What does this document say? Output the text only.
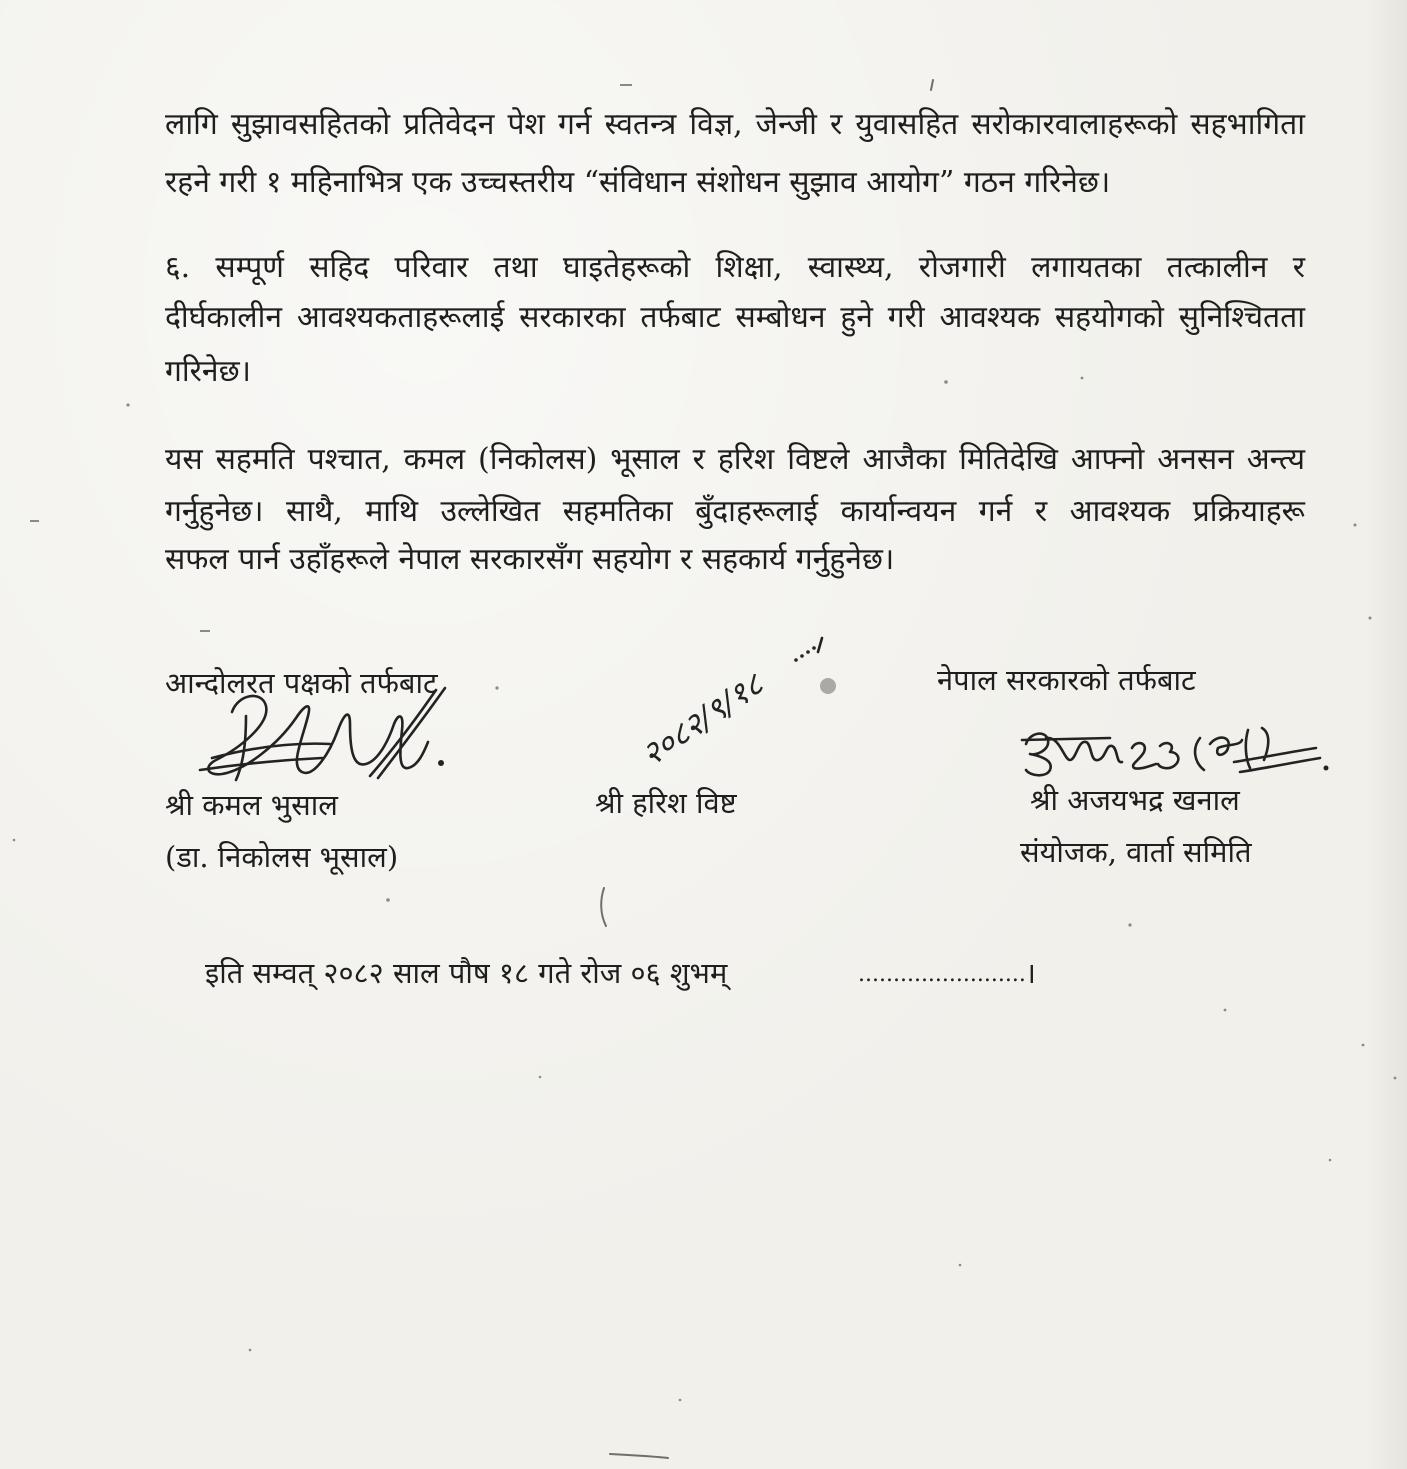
लागि सुझावसहितको प्रतिवेदन पेश गर्न स्वतन्त्र विज्ञ, जेन्जी र युवासहित सरोकारवालाहरूको सहभागिता
रहने गरी १ महिनाभित्र एक उच्चस्तरीय “संविधान संशोधन सुझाव आयोग” गठन गरिनेछ।
६. सम्पूर्ण सहिद परिवार तथा घाइतेहरूको शिक्षा, स्वास्थ्य, रोजगारी लगायतका तत्कालीन र
दीर्घकालीन आवश्यकताहरूलाई सरकारका तर्फबाट सम्बोधन हुने गरी आवश्यक सहयोगको सुनिश्चितता
गरिनेछ।
यस सहमति पश्चात, कमल (निकोलस) भूसाल र हरिश विष्टले आजैका मितिदेखि आफ्नो अनसन अन्त्य
गर्नुहुनेछ। साथै, माथि उल्लेखित सहमतिका बुँदाहरूलाई कार्यान्वयन गर्न र आवश्यक प्रक्रियाहरू
सफल पार्न उहाँहरूले नेपाल सरकारसँग सहयोग र सहकार्य गर्नुहुनेछ।
आन्दोलरत पक्षको तर्फबाट
श्री कमल भुसाल
(डा. निकोलस भूसाल)
२०८२/९/१८
श्री हरिश विष्ट
नेपाल सरकारको तर्फबाट
श्री अजयभद्र खनाल
संयोजक, वार्ता समिति
इति सम्वत् २०८२ साल पौष १८ गते रोज ०६ शुभम्	........................ ।
